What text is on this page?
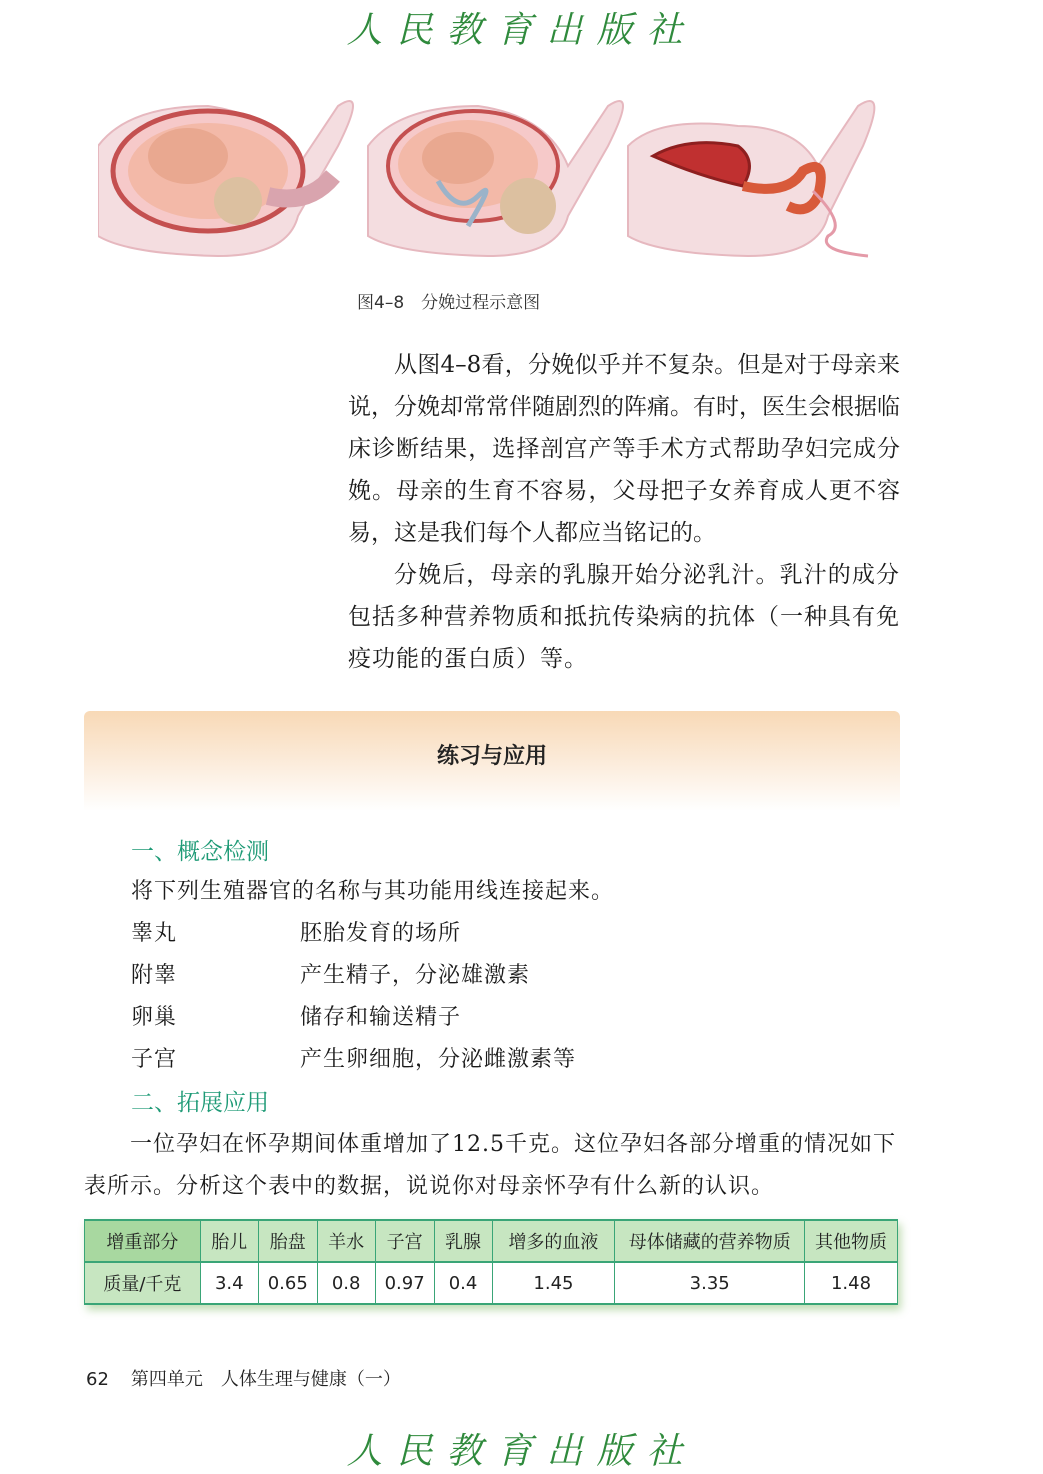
人民教育出版社
图4–8　分娩过程示意图

从图4–8看，分娩似乎并不复杂。但是对于母亲来说，分娩却常常伴随剧烈的阵痛。有时，医生会根据临床诊断结果，选择剖宫产等手术方式帮助孕妇完成分娩。母亲的生育不容易，父母把子女养育成人更不容易，这是我们每个人都应当铭记的。

分娩后，母亲的乳腺开始分泌乳汁。乳汁的成分包括多种营养物质和抵抗传染病的抗体（一种具有免疫功能的蛋白质）等。

练习与应用
一、概念检测

将下列生殖器官的名称与其功能用线连接起来。

睾丸	胚胎发育的场所

附睾	产生精子，分泌雄激素

卵巢	储存和输送精子

子宫	产生卵细胞，分泌雌激素等

二、拓展应用

一位孕妇在怀孕期间体重增加了12.5千克。这位孕妇各部分增重的情况如下表所示。分析这个表中的数据，说说你对母亲怀孕有什么新的认识。

增重部分	胎儿	胎盘	羊水	子宫	乳腺	增多的血液	母体储藏的营养物质	其他物质
质量/千克	3.4	0.65	0.8	0.97	0.4	1.45	3.35	1.48
62 第四单元　人体生理与健康（一）
人民教育出版社
